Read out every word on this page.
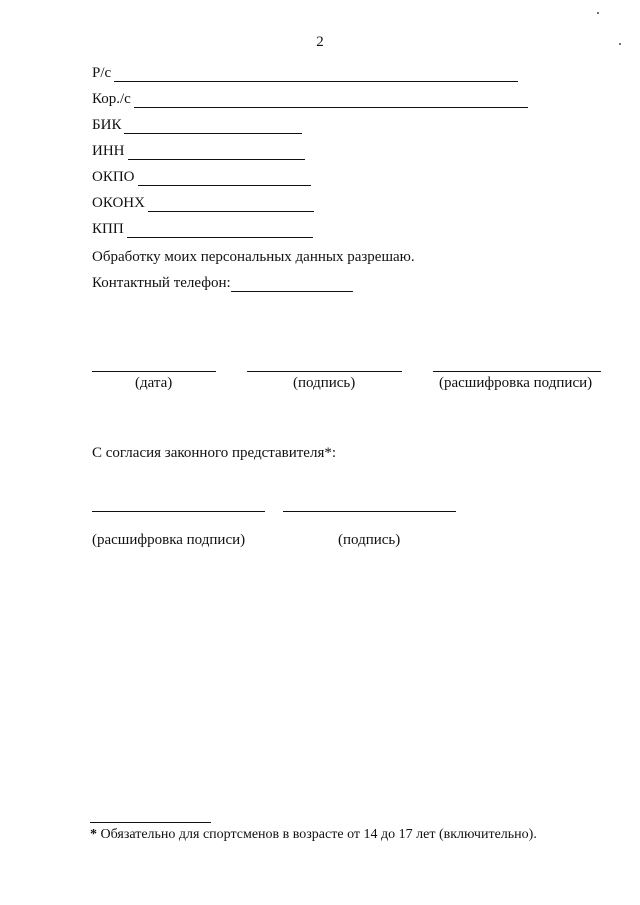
2
Р/с
Кор./с
БИК
ИНН
ОКПО
ОКОНХ
КПП
Обработку моих персональных данных разрешаю.
Контактный телефон:
(дата)	(подпись)	(расшифровка подписи)
С согласия законного представителя*:
(расшифровка подписи)	(подпись)
* Обязательно для спортсменов в возрасте от 14 до 17 лет (включительно).
